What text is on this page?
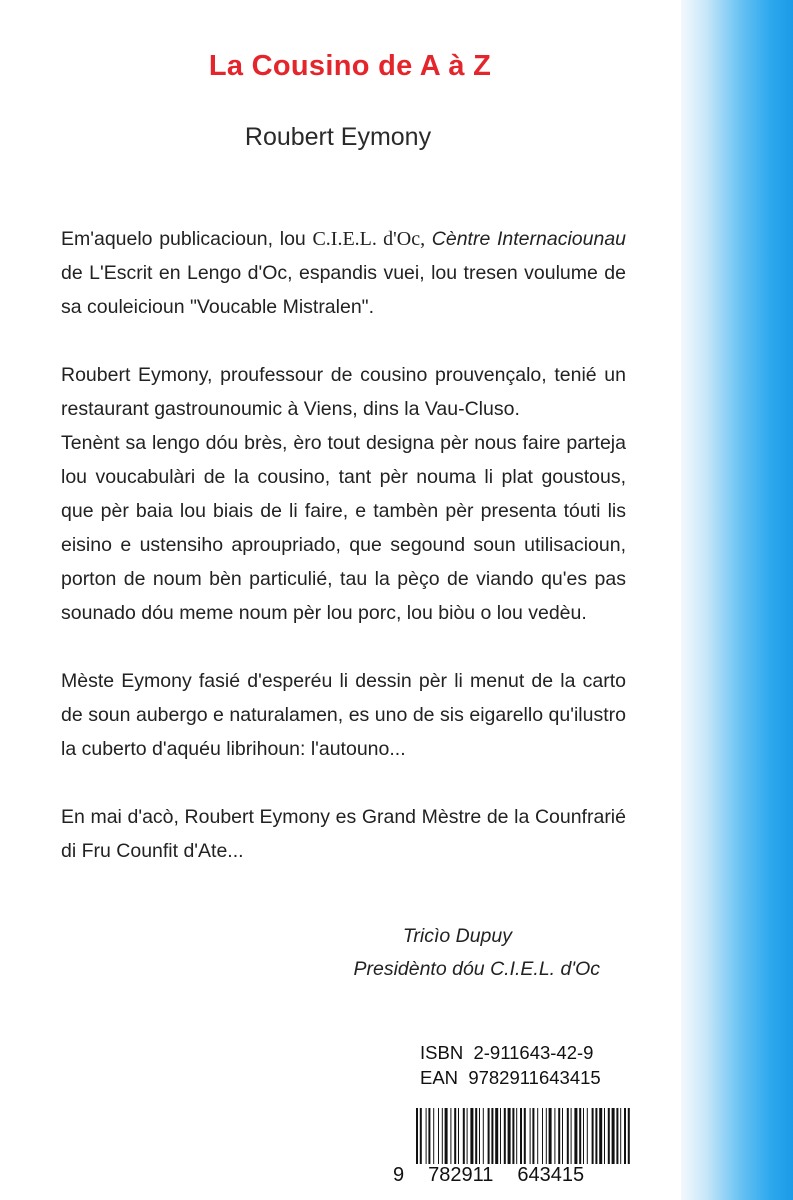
La Cousino de A à Z
Roubert Eymony

Em'aquelo publicacioun, lou C.I.E.L. d'Oc, Cèntre Internaciounau de L'Escrit en Lengo d'Oc, espandis vuei, lou tresen voulume de sa couleicioun "Voucable Mistralen".

Roubert Eymony, proufessour de cousino prouvençalo, tenié un restaurant gastrounoumic à Viens, dins la Vau-Cluso.

Tenènt sa lengo dóu brès, èro tout designa pèr nous faire parteja lou voucabulàri de la cousino, tant pèr nouma li plat goustous, que pèr baia lou biais de li faire, e tambèn pèr presenta tóuti lis eisino e ustensiho aproupriado, que segound soun utilisacioun, porton de noum bèn particulié, tau la pèço de viando qu'es pas sounado dóu meme noum pèr lou porc, lou biòu o lou vedèu.

Mèste Eymony fasié d'esperéu li dessin pèr li menut de la carto de soun aubergo e naturalamen, es uno de sis eigarello qu'ilustro la cuberto d'aquéu librihoun: l'autouno...

En mai d'acò, Roubert Eymony es Grand Mèstre de la Counfrarié di Fru Counfit d'Ate...

Tricìo Dupuy
Presidènto dóu C.I.E.L. d'Oc
ISBN  2-911643-42-9
EAN  9782911643415
9 782911 643415
